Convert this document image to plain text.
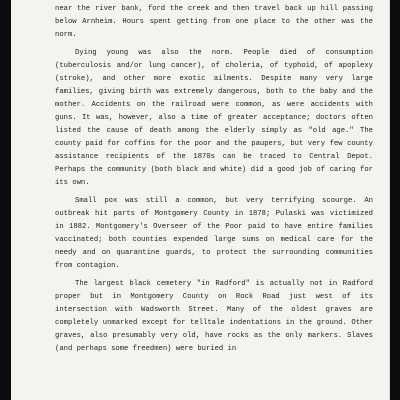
near the river bank, ford the creek and then travel back up hill passing below Arnheim. Hours spent getting from one place to the other was the norm.

Dying young was also the norm. People died of consumption (tuberculosis and/or lung cancer), of choleria, of typhoid, of apoplexy (stroke), and other more exotic ailments. Despite many very large families, giving birth was extremely dangerous, both to the baby and the mother. Accidents on the railroad were common, as were accidents with guns. It was, however, also a time of greater acceptance; doctors often listed the cause of death among the elderly simply as "old age." The county paid for coffins for the poor and the paupers, but very few county assistance recipients of the 1870s can be traced to Central Depot. Perhaps the community (both black and white) did a good job of caring for its own.

Small pox was still a common, but very terrifying scourge. An outbreak hit parts of Montgomery County in 1878; Pulaski was victimized in 1882. Montgomery's Overseer of the Poor paid to have entire families vaccinated; both counties expended large sums on medical care for the needy and on quarantine guards, to protect the surrounding communities from contagion.

The largest black cemetery "in Radford" is actually not in Radford proper but in Montgomery County on Rock Road just west of its intersection with Wadsworth Street. Many of the oldest graves are completely unmarked except for telltale indentations in the ground. Other graves, also presumably very old, have rocks as the only markers. Slaves (and perhaps some freedmen) were buried in
